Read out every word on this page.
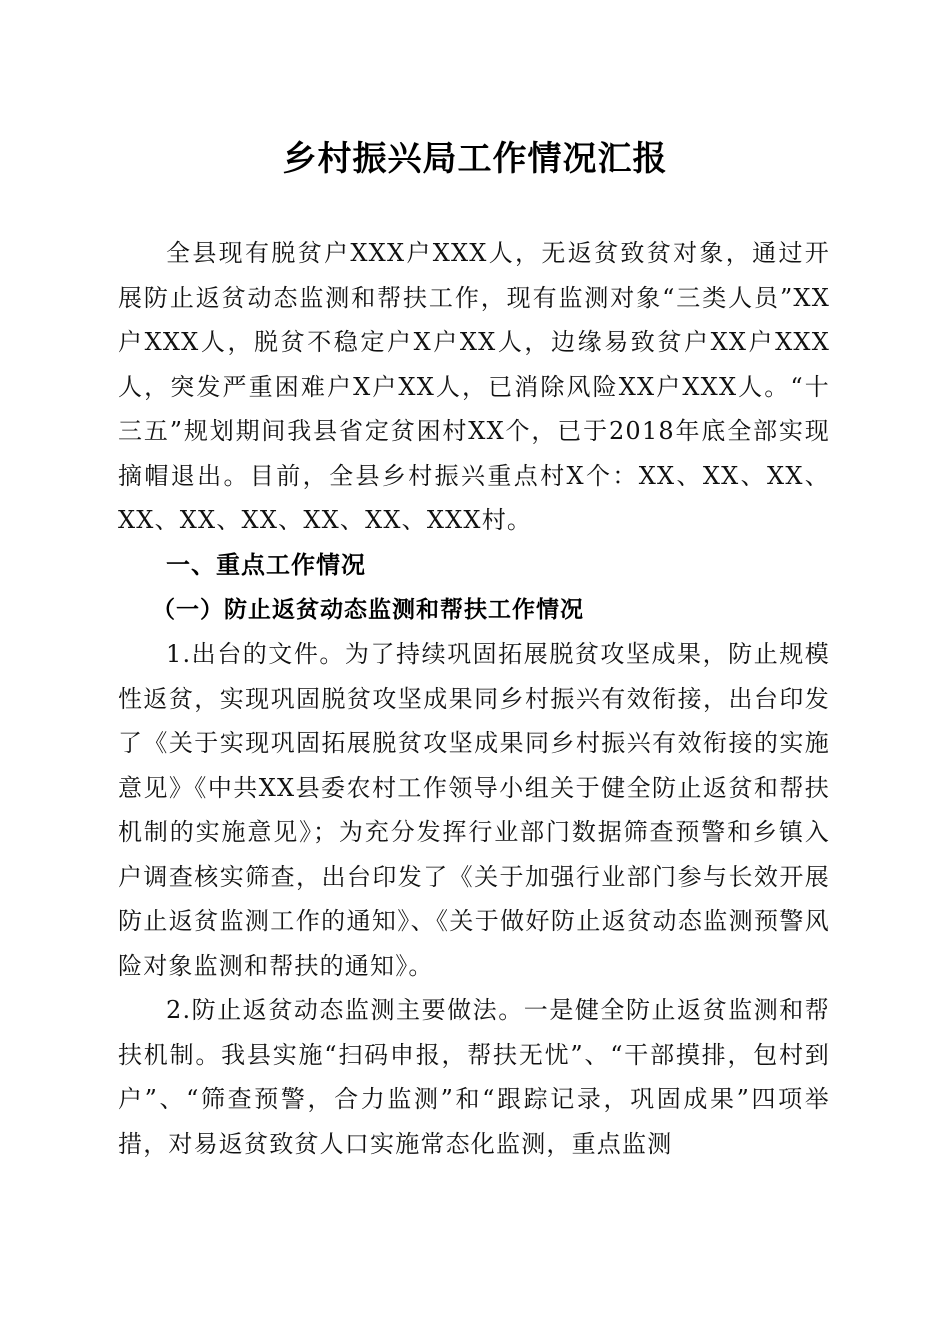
乡村振兴局工作情况汇报

全县现有脱贫户XXX户XXX人，无返贫致贫对象，通过开展防止返贫动态监测和帮扶工作，现有监测对象“三类人员”XX户XXX人，脱贫不稳定户X户XX人，边缘易致贫户XX户XXX人，突发严重困难户X户XX人，已消除风险XX户XXX人。“十三五”规划期间我县省定贫困村XX个，已于2018年底全部实现摘帽退出。目前，全县乡村振兴重点村X个：XX、XX、XX、XX、XX、XX、XX、XX、XXX村。

一、重点工作情况
（一）防止返贫动态监测和帮扶工作情况

1.出台的文件。为了持续巩固拓展脱贫攻坚成果，防止规模性返贫，实现巩固脱贫攻坚成果同乡村振兴有效衔接，出台印发了《关于实现巩固拓展脱贫攻坚成果同乡村振兴有效衔接的实施意见》《中共XX县委农村工作领导小组关于健全防止返贫和帮扶机制的实施意见》；为充分发挥行业部门数据筛查预警和乡镇入户调查核实筛查，出台印发了《关于加强行业部门参与长效开展防止返贫监测工作的通知》、《关于做好防止返贫动态监测预警风险对象监测和帮扶的通知》。

2.防止返贫动态监测主要做法。一是健全防止返贫监测和帮扶机制。我县实施“扫码申报，帮扶无忧”、“干部摸排，包村到户”、“筛查预警，合力监测”和“跟踪记录，巩固成果”四项举措，对易返贫致贫人口实施常态化监测，重点监测
